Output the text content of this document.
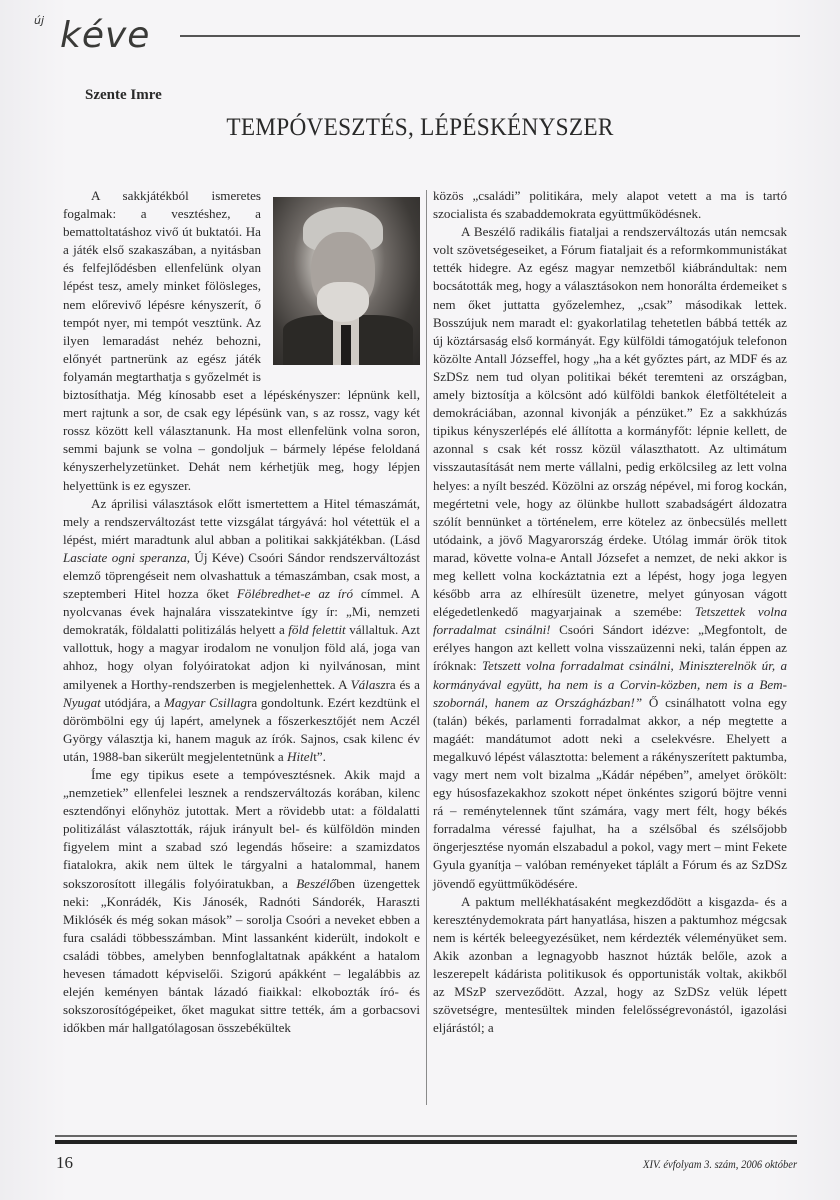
új kéve
Szente Imre
TEMPÓVESZTÉS, LÉPÉSKÉNYSZER

A sakkjátékból ismeretes fogalmak: a vesztéshez, a bemattoltatáshoz vivő út buktatói. Ha a játék első szakaszában, a nyitásban és felfejlődésben ellenfelünk olyan lépést tesz, amely minket fölösleges, nem előrevivő lépésre kényszerít, ő tempót nyer, mi tempót vesztünk. Az ilyen lemaradást nehéz behozni, előnyét partnerünk az egész játék folyamán megtarthatja s győzelmét is biztosíthatja. Még kínosabb eset a lépéskényszer: lépnünk kell, mert rajtunk a sor, de csak egy lépésünk van, s az rossz, vagy két rossz között kell választanunk. Ha most ellenfelünk volna soron, semmi bajunk se volna – gondoljuk – bármely lépése feloldaná kényszerhelyzetünket. Dehát nem kérhetjük meg, hogy lépjen helyettünk is ez egyszer.

Az áprilisi választások előtt ismertettem a Hitel témaszámát, mely a rendszerváltozást tette vizsgálat tárgyává: hol vétettük el a lépést, miért maradtunk alul abban a politikai sakkjátékban. (Lásd Lasciate ogni speranza, Új Kéve) Csoóri Sándor rendszerváltozást elemző töprengéseit nem olvashattuk a témaszámban, csak most, a szeptemberi Hitel hozza őket Fölébredhet-e az író címmel. A nyolcvanas évek hajnalára visszatekintve így ír: „Mi, nemzeti demokraták, földalatti politizálás helyett a föld felettit vállaltuk. Azt vallottuk, hogy a magyar irodalom ne vonuljon föld alá, joga van ahhoz, hogy olyan folyóiratokat adjon ki nyilvánosan, mint amilyenek a Horthy-rendszerben is megjelenhettek. A Válaszra és a Nyugat utódjára, a Magyar Csillagra gondoltunk. Ezért kezdtünk el dörömbölni egy új lapért, amelynek a főszerkesztőjét nem Aczél György választja ki, hanem maguk az írók. Sajnos, csak kilenc év után, 1988-ban sikerült megjelentetnünk a Hitelt”.

Íme egy tipikus esete a tempóvesztésnek. Akik majd a „nemzetiek” ellenfelei lesznek a rendszerváltozás korában, kilenc esztendőnyi előnyhöz jutottak. Mert a rövidebb utat: a földalatti politizálást választották, rájuk irányult bel- és külföldön minden figyelem mint a szabad szó legendás hőseire: a szamizdatos fiatalokra, akik nem ültek le tárgyalni a hatalommal, hanem sokszorosított illegális folyóiratukban, a Beszélőben üzengettek neki: „Konrádék, Kis Jánosék, Radnóti Sándorék, Haraszti Miklósék és még sokan mások” – sorolja Csoóri a neveket ebben a fura családi többesszámban. Mint lassanként kiderült, indokolt e családi többes, amelyben bennfoglaltatnak apákként a hatalom hevesen támadott képviselői. Szigorú apákként – legalábbis az elején keményen bántak lázadó fiaikkal: elkobozták író- és sokszorosítógépeiket, őket magukat sittre tették, ám a gorbacsovi időkben már hallgatólagosan összebékültek

közös „családi” politikára, mely alapot vetett a ma is tartó szocialista és szabaddemokrata együttműködésnek.

A Beszélő radikális fiataljai a rendszerváltozás után nemcsak volt szövetségeseiket, a Fórum fiataljait és a reformkommunistákat tették hidegre. Az egész magyar nemzetből kiábrándultak: nem bocsátották meg, hogy a választásokon nem honorálta érdemeiket s nem őket juttatta győzelemhez, „csak” másodikak lettek. Bosszújuk nem maradt el: gyakorlatilag tehetetlen bábbá tették az új köztársaság első kormányát. Egy külföldi támogatójuk telefonon közölte Antall Józseffel, hogy „ha a két győztes párt, az MDF és az SzDSz nem tud olyan politikai békét teremteni az országban, amely biztosítja a kölcsönt adó külföldi bankok életföltételeit a demokráciában, azonnal kivonják a pénzüket.” Ez a sakkhúzás tipikus kényszerlépés elé állította a kormányfőt: lépnie kellett, de azonnal s csak két rossz közül választhatott. Az ultimátum visszautasítását nem merte vállalni, pedig erkölcsileg az lett volna helyes: a nyílt beszéd. Közölni az ország népével, mi forog kockán, megértetni vele, hogy az ölünkbe hullott szabadságért áldozatra szólít bennünket a történelem, erre kötelez az önbecsülés mellett utódaink, a jövő Magyarország érdeke. Utólag immár örök titok marad, követte volna-e Antall Józsefet a nemzet, de neki akkor is meg kellett volna kockáztatnia ezt a lépést, hogy joga legyen később arra az elhíresült üzenetre, melyet gúnyosan vágott elégedetlenkedő magyarjainak a szemébe: Tetszettek volna forradalmat csinálni! Csoóri Sándort idézve: „Megfontolt, de erélyes hangon azt kellett volna visszaüzenni neki, talán éppen az íróknak: Tetszett volna forradalmat csinálni, Miniszterelnök úr, a kormányával együtt, ha nem is a Corvin-közben, nem is a Bem-szobornál, hanem az Országházban!” Ő csinálhatott volna egy (talán) békés, parlamenti forradalmat akkor, a nép megtette a magáét: mandátumot adott neki a cselekvésre. Ehelyett a megalkuvó lépést választotta: belement a rákényszerített paktumba, vagy mert nem volt bizalma „Kádár népében”, amelyet örökölt: egy húsosfazekakhoz szokott népet önkéntes szigorú böjtre venni rá – reménytelennek tűnt számára, vagy mert félt, hogy békés forradalma véressé fajulhat, ha a szélsőbal és szélsőjobb öngerjesztése nyomán elszabadul a pokol, vagy mert – mint Fekete Gyula gyanítja – valóban reményeket táplált a Fórum és az SzDSz jövendő együttműködésére.

A paktum mellékhatásaként megkezdődött a kisgazda- és a kereszténydemokrata párt hanyatlása, hiszen a paktumhoz mégcsak nem is kérték beleegyezésüket, nem kérdezték véleményüket sem. Akik azonban a legnagyobb hasznot húzták belőle, azok a leszerepelt kádárista politikusok és opportunisták voltak, akikből az MSzP szerveződött. Azzal, hogy az SzDSz velük lépett szövetségre, mentesültek minden felelősségrevonástól, igazolási eljárástól; a

16	XIV. évfolyam 3. szám, 2006 október
